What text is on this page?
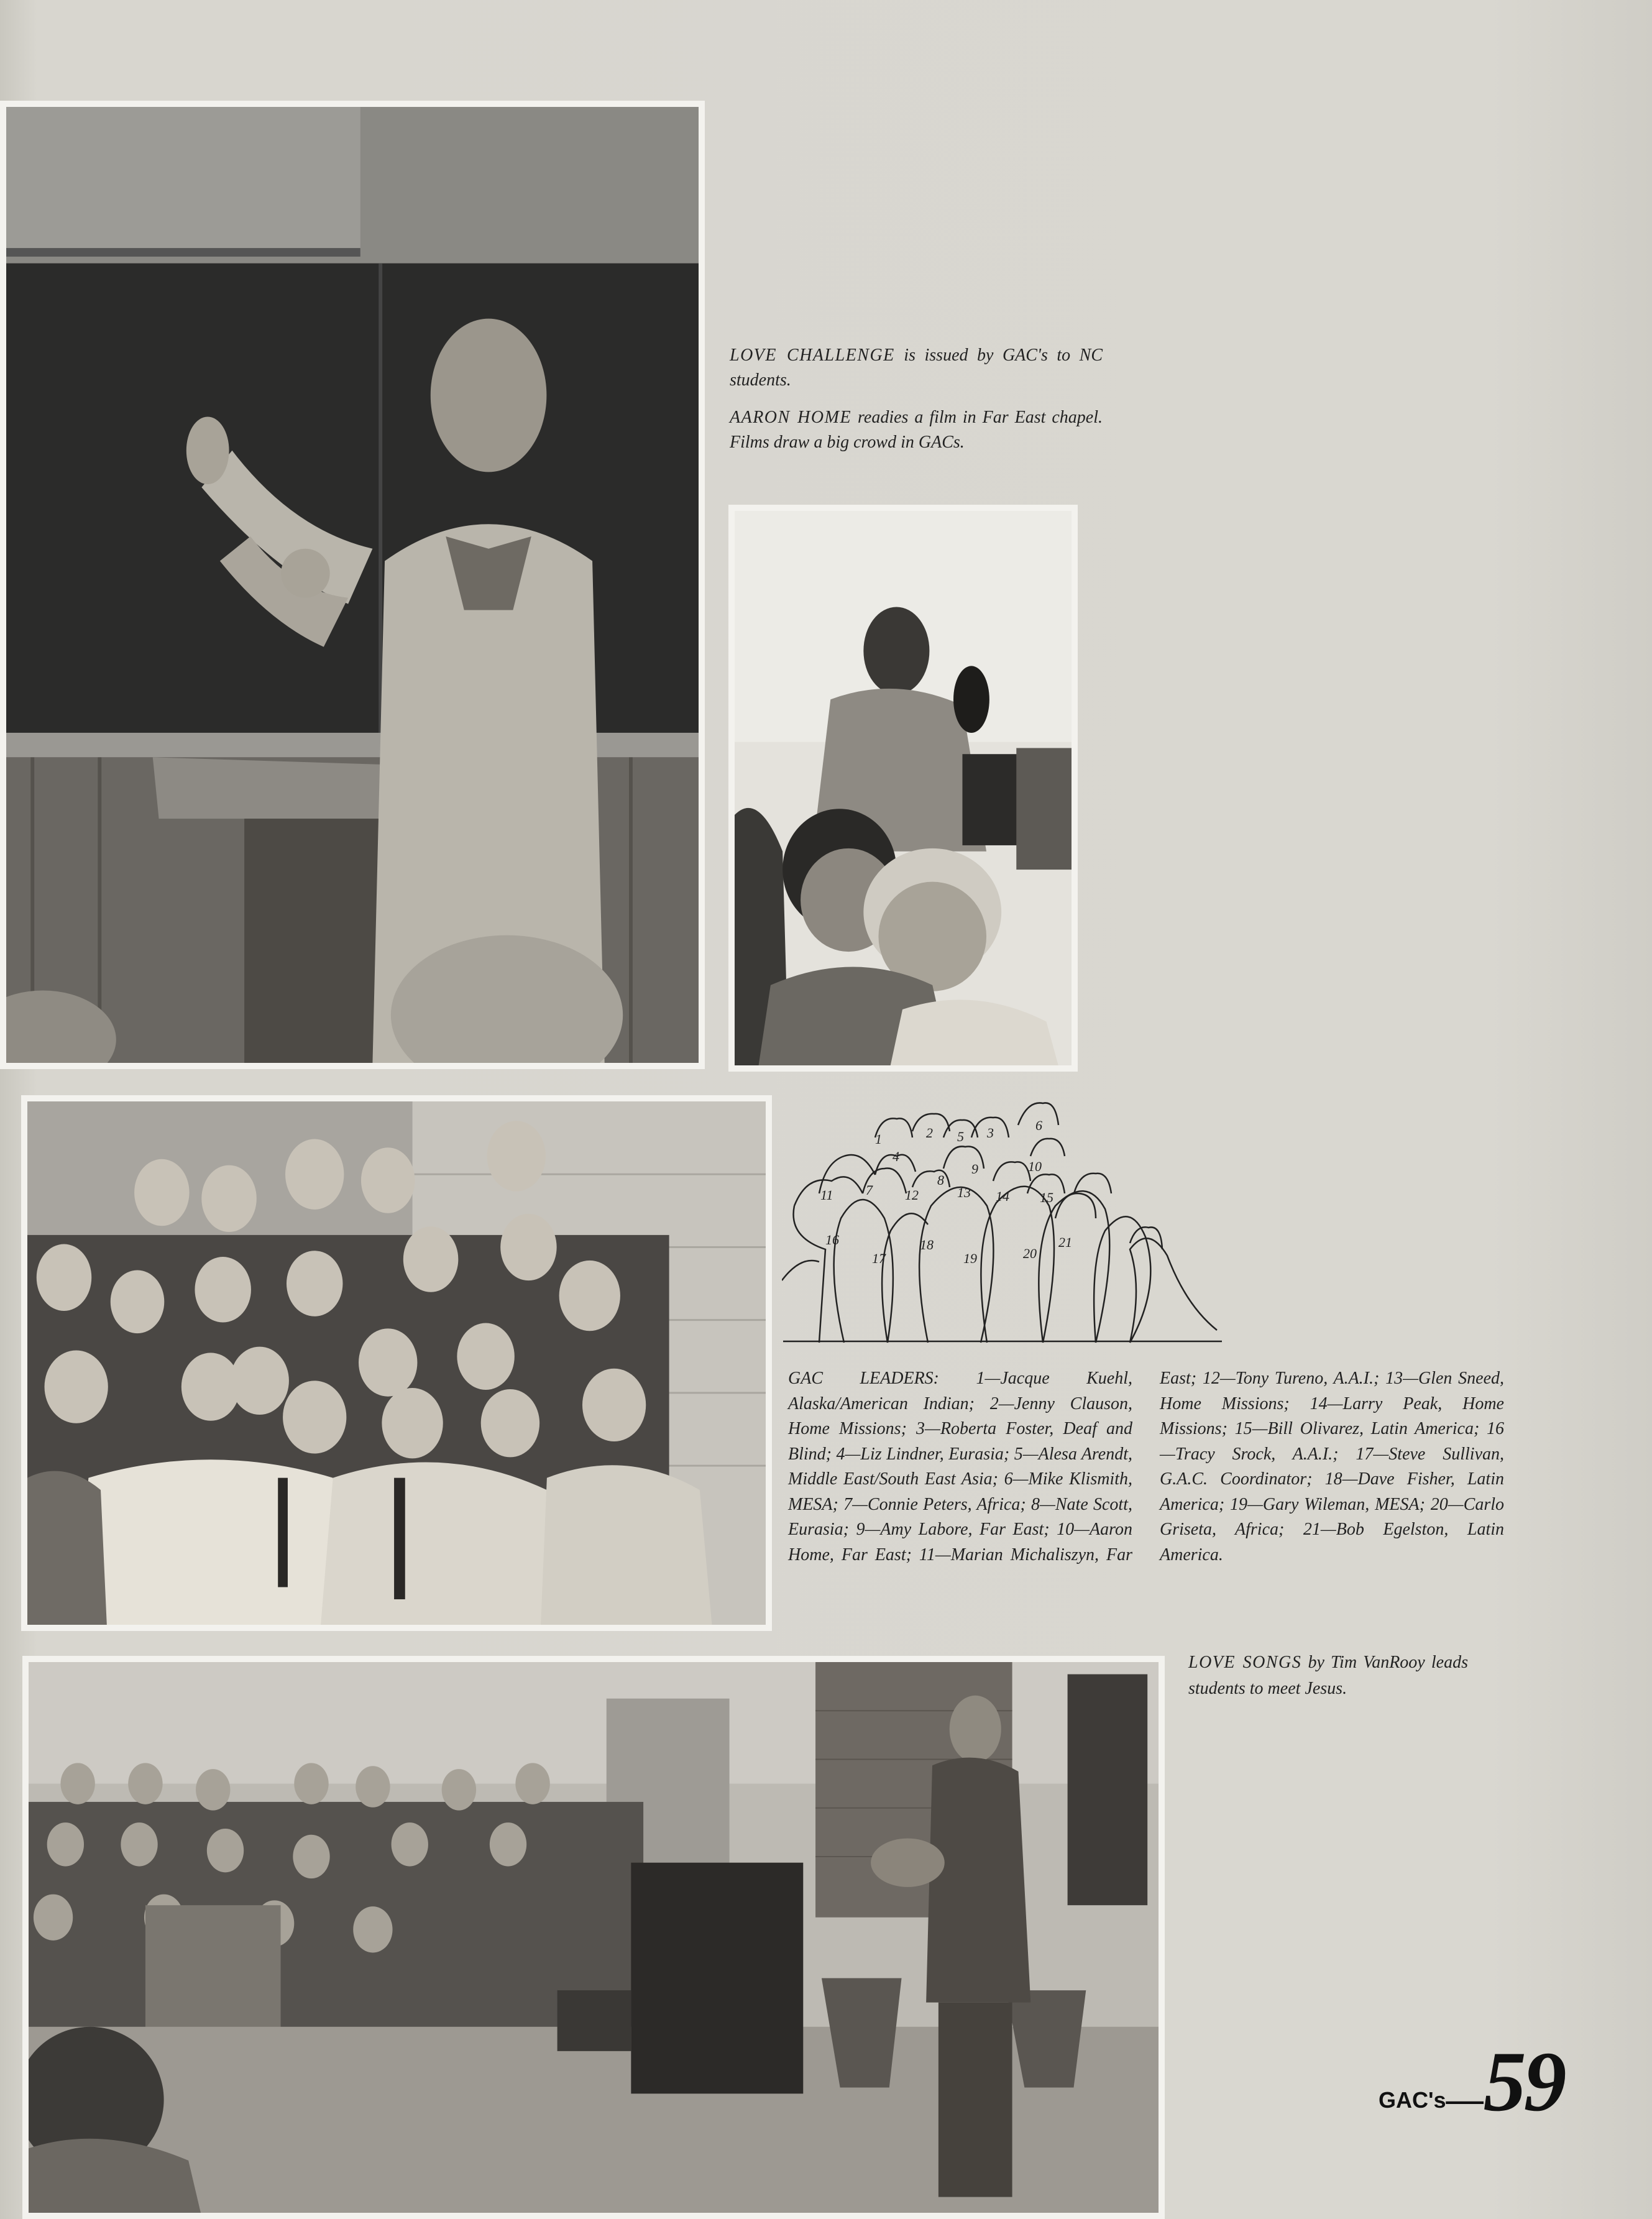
LOVE CHALLENGE is issued by GAC's to NC students.

AARON HOME readies a film in Far East chapel. Films draw a big crowd in GACs.

1	2	3
4
5
6
7
8
9	10
11	12	13 14 15
16
17
18
19	20
21
GAC LEADERS: 1—Jacque Kuehl, Alaska/American Indian; 2—Jenny Clauson, Home Missions; 3—Roberta Foster, Deaf and Blind; 4—Liz Lindner, Eurasia; 5—Alesa Arendt, Middle East/South East Asia; 6—Mike Klismith, MESA; 7—Connie Peters, Africa; 8—Nate Scott, Eurasia; 9—Amy Labore, Far East; 10—Aaron Home, Far East; 11—Marian Michaliszyn, Far East; 12—Tony Tureno, A.A.I.; 13—Glen Sneed, Home Missions; 14—Larry Peak, Home Missions; 15—Bill Olivarez, Latin America; 16—Tracy Srock, A.A.I.; 17—Steve Sullivan, G.A.C. Coordinator; 18—Dave Fisher, Latin America; 19—Gary Wileman, MESA; 20—Carlo Griseta, Africa; 21—Bob Egelston, Latin America.
LOVE SONGS by Tim VanRooy leads students to meet Jesus.
GAC's — 59
